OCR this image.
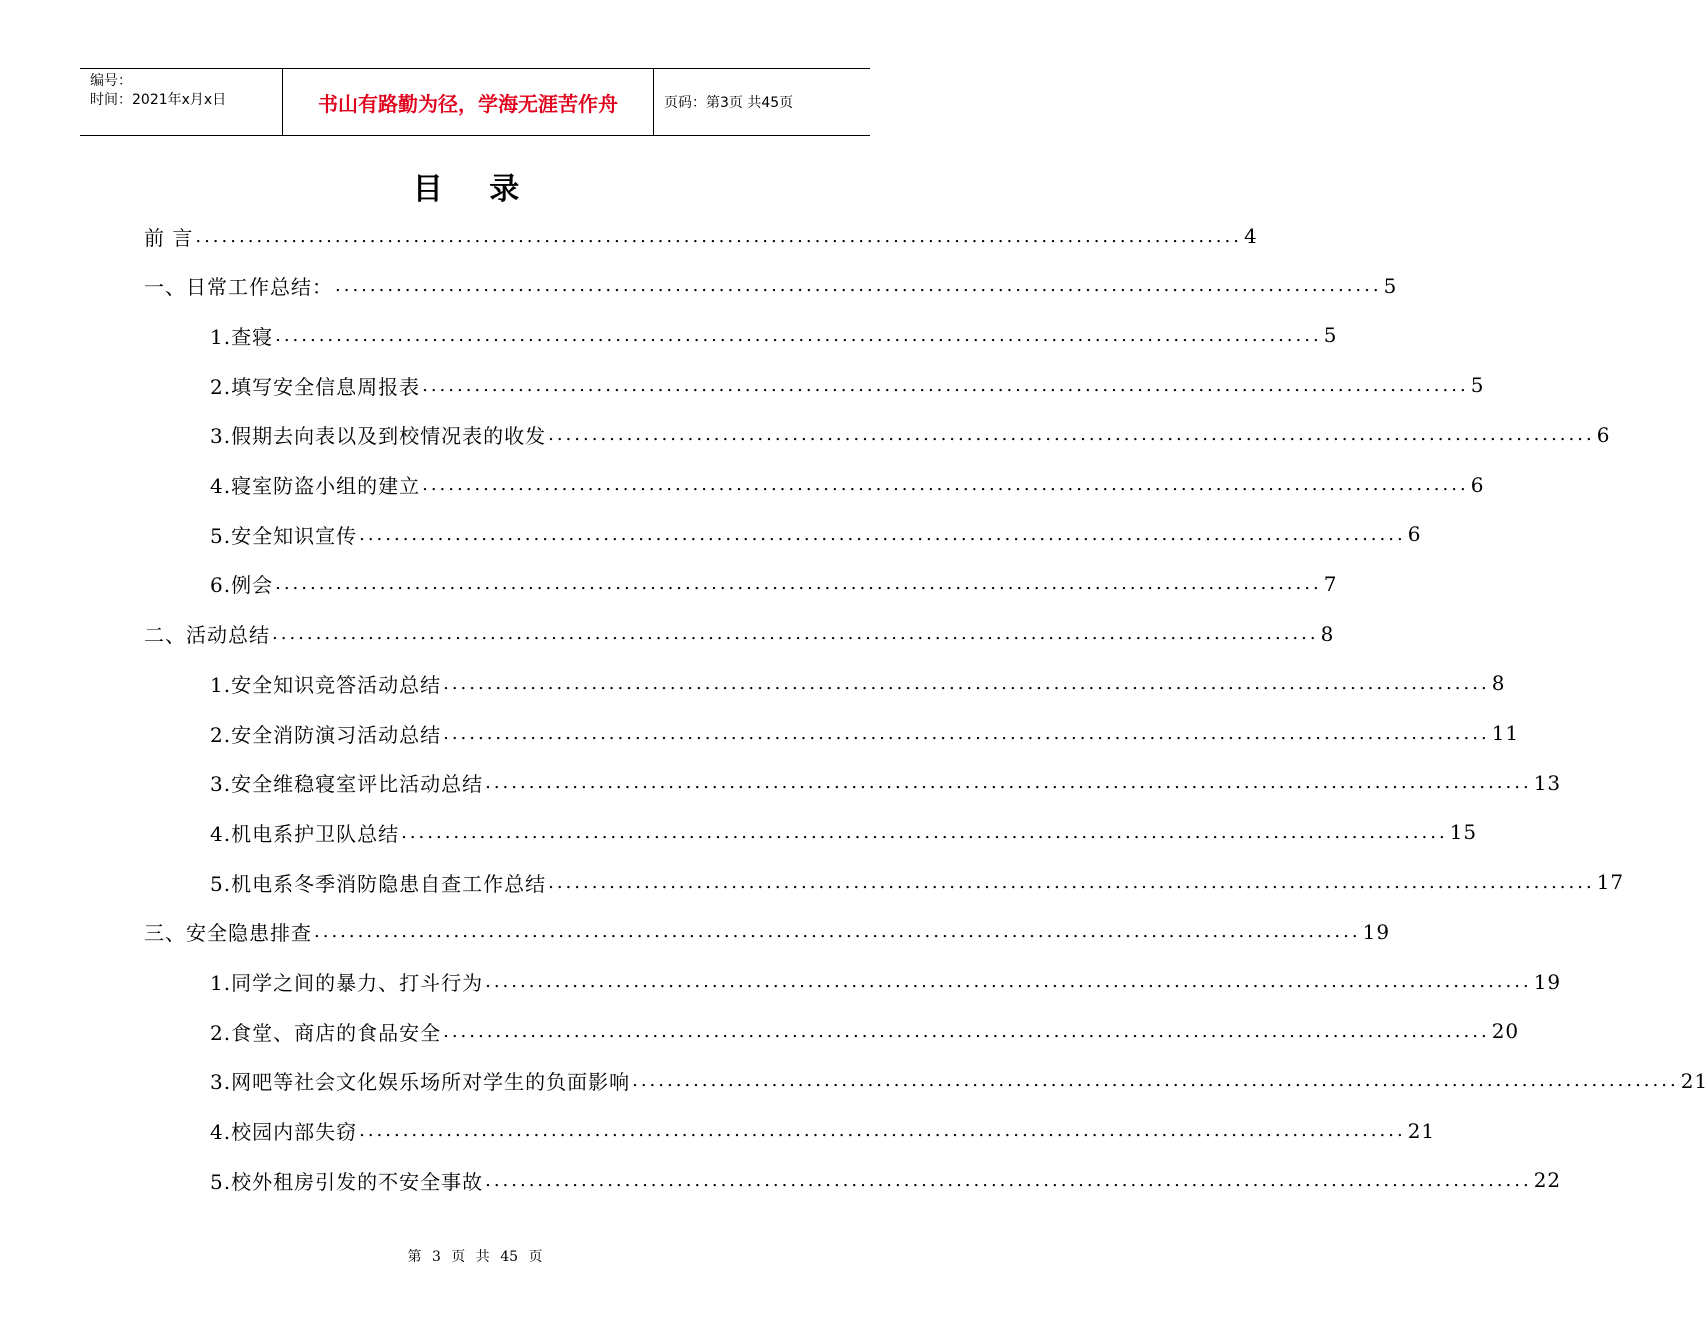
编号：
时间：2021年x月x日	书山有路勤为径，学海无涯苦作舟	页码：第3页 共45页
目 录
前 言 ........................................................................................................................ 4
一、日常工作总结： ........................................................................................................................ 5
1.查寝 ........................................................................................................................ 5
2.填写安全信息周报表 ........................................................................................................................ 5
3.假期去向表以及到校情况表的收发 ........................................................................................................................ 6
4.寝室防盗小组的建立 ........................................................................................................................ 6
5.安全知识宣传 ........................................................................................................................ 6
6.例会 ........................................................................................................................ 7
二、活动总结 ........................................................................................................................ 8
1.安全知识竞答活动总结 ........................................................................................................................ 8
2.安全消防演习活动总结 ........................................................................................................................ 11
3.安全维稳寝室评比活动总结 ........................................................................................................................ 13
4.机电系护卫队总结 ........................................................................................................................ 15
5.机电系冬季消防隐患自查工作总结 ........................................................................................................................ 17
三、安全隐患排查 ........................................................................................................................ 19
1.同学之间的暴力、打斗行为 ........................................................................................................................ 19
2.食堂、商店的食品安全 ........................................................................................................................ 20
3.网吧等社会文化娱乐场所对学生的负面影响 ........................................................................................................................ 21
4.校园内部失窃 ........................................................................................................................ 21
5.校外租房引发的不安全事故 ........................................................................................................................ 22
第 3 页 共 45 页
